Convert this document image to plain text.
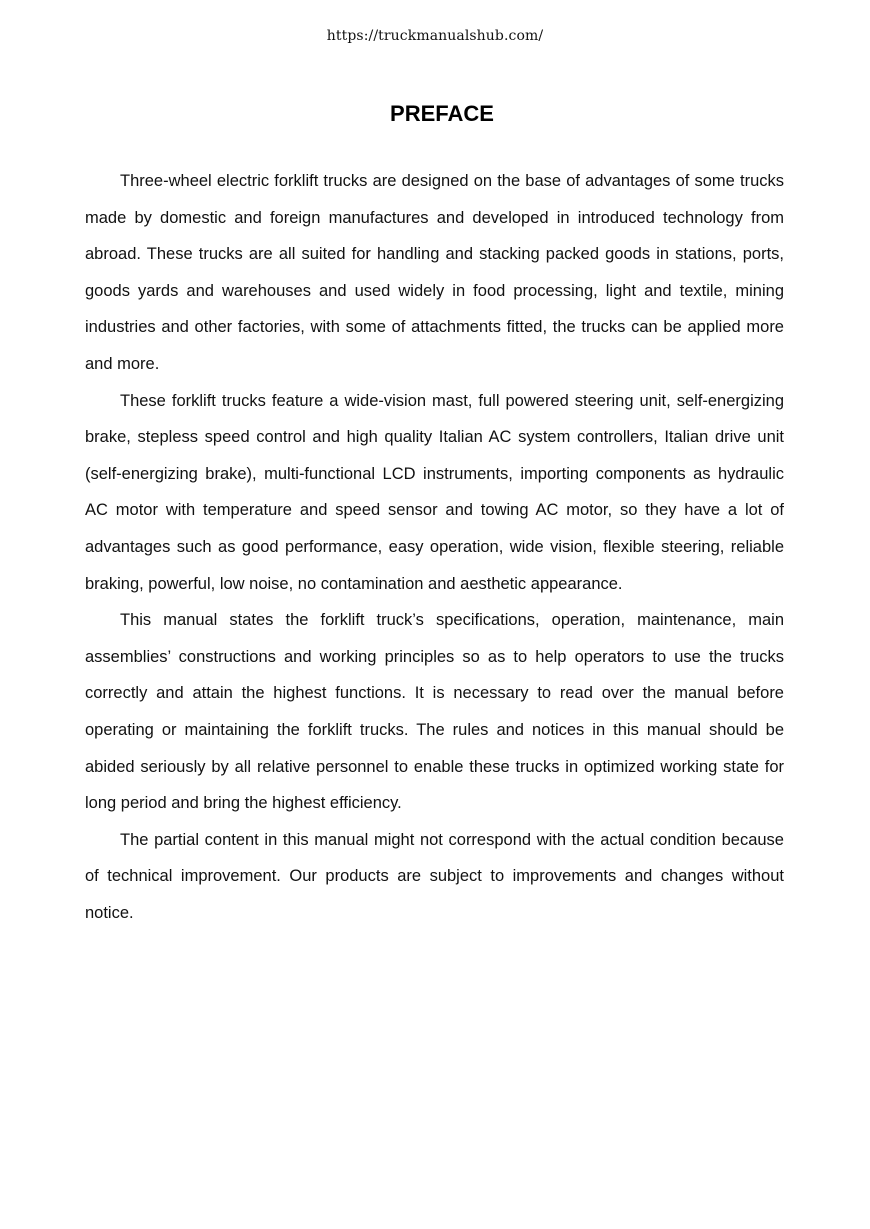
https://truckmanualshub.com/
PREFACE

Three-wheel electric forklift trucks are designed on the base of advantages of some trucks made by domestic and foreign manufactures and developed in introduced technology from abroad. These trucks are all suited for handling and stacking packed goods in stations, ports, goods yards and warehouses and used widely in food processing, light and textile, mining industries and other factories, with some of attachments fitted, the trucks can be applied more and more.

These forklift trucks feature a wide-vision mast, full powered steering unit, self-energizing brake, stepless speed control and high quality Italian AC system controllers, Italian drive unit (self-energizing brake), multi-functional LCD instruments, importing components as hydraulic AC motor with temperature and speed sensor and towing AC motor, so they have a lot of advantages such as good performance, easy operation, wide vision, flexible steering, reliable braking, powerful, low noise, no contamination and aesthetic appearance.

This manual states the forklift truck’s specifications, operation, maintenance, main assemblies’ constructions and working principles so as to help operators to use the trucks correctly and attain the highest functions. It is necessary to read over the manual before operating or maintaining the forklift trucks. The rules and notices in this manual should be abided seriously by all relative personnel to enable these trucks in optimized working state for long period and bring the highest efficiency.

The partial content in this manual might not correspond with the actual condition because of technical improvement. Our products are subject to improvements and changes without notice.
